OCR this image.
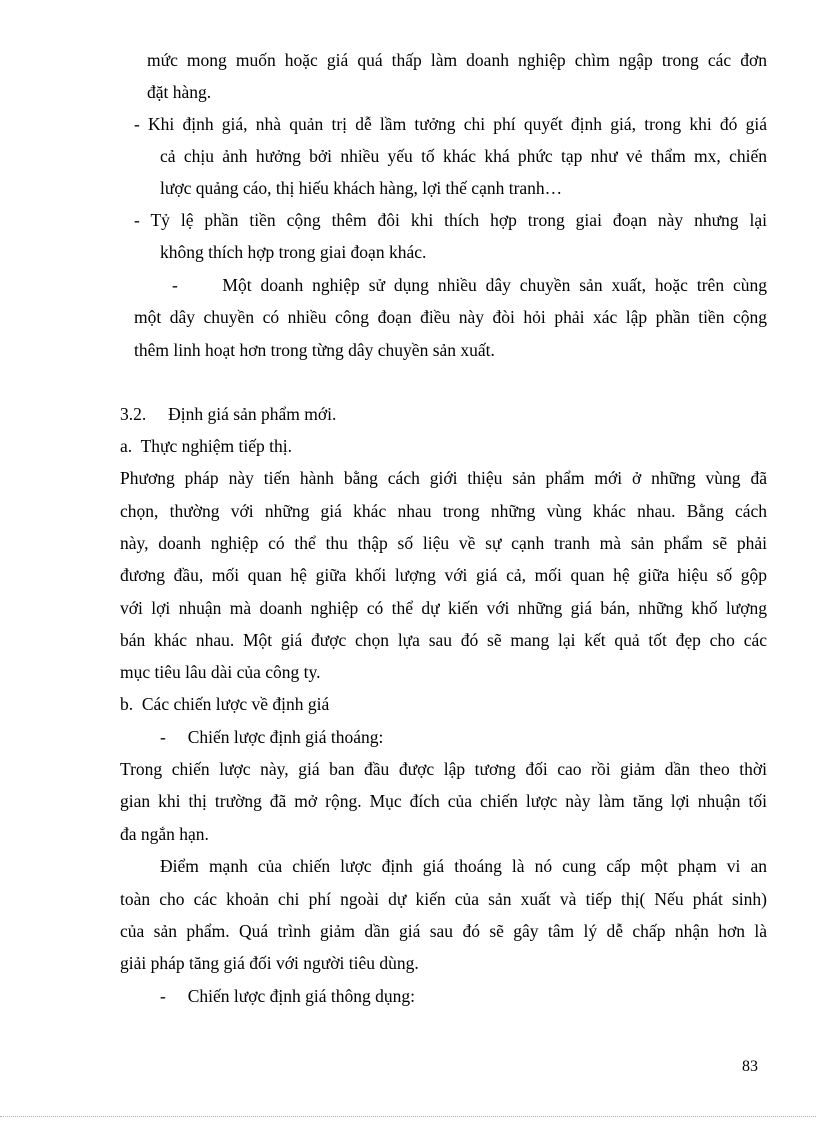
mức mong muốn hoặc giá quá thấp làm doanh nghiệp chìm ngập trong các đơn
đặt hàng.
- Khi định giá, nhà quản trị dễ lầm tưởng chi phí quyết định giá, trong khi đó giá
cả chịu ảnh hưởng bởi nhiều yếu tố khác khá phức tạp như vẻ thẩm mx, chiến
lược quảng cáo, thị hiếu khách hàng, lợi thế cạnh tranh…
- Tỷ lệ phần tiền cộng thêm đôi khi thích hợp trong giai đoạn này nhưng lại
không thích hợp trong giai đoạn khác.
-     Một doanh nghiệp sử dụng nhiều dây chuyền sản xuất, hoặc trên cùng
một dây chuyền có nhiều công đoạn điều này đòi hỏi phải xác lập phần tiền cộng
thêm linh hoạt hơn trong từng dây chuyền sản xuất.
3.2.     Định giá sản phẩm mới.
a.  Thực nghiệm tiếp thị.
Phương pháp này tiến hành bằng cách giới thiệu sản phẩm mới ở những vùng đã
chọn, thường với những giá khác nhau trong những vùng khác nhau. Bằng cách
này, doanh nghiệp có thể thu thập số liệu về sự cạnh tranh mà sản phẩm sẽ phải
đương đầu, mối quan hệ giữa khối lượng với giá cả, mối quan hệ giữa hiệu số gộp
với lợi nhuận mà doanh nghiệp có thể dự kiến với những giá bán, những khố lượng
bán khác nhau. Một giá được chọn lựa sau đó sẽ mang lại kết quả tốt đẹp cho các
mục tiêu lâu dài của công ty.
b.  Các chiến lược về định giá
-     Chiến lược định giá thoáng:
Trong chiến lược này, giá ban đầu được lập tương đối cao rồi giảm dần theo thời
gian khi thị trường đã mở rộng. Mục đích của chiến lược này làm tăng lợi nhuận tối
đa ngắn hạn.
Điểm mạnh của chiến lược định giá thoáng là nó cung cấp một phạm vi an
toàn cho các khoản chi phí ngoài dự kiến của sản xuất và tiếp thị( Nếu phát sinh)
của sản phẩm. Quá trình giảm dần giá sau đó sẽ gây tâm lý dễ chấp nhận hơn là
giải pháp tăng giá đối với người tiêu dùng.
-     Chiến lược định giá thông dụng:
83
